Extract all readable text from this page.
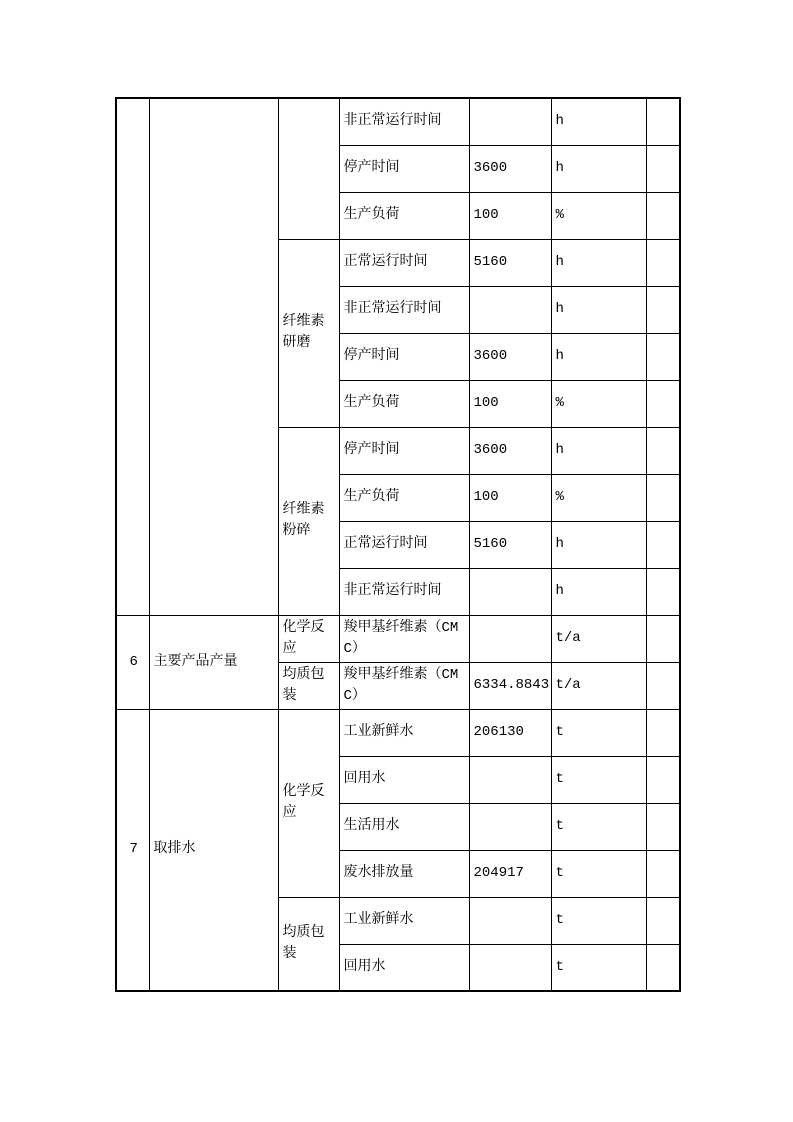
			非正常运行时间		h	
			停产时间	3600	h	
			生产负荷	100	%	
		纤维素研磨	正常运行时间	5160	h	
			非正常运行时间		h	
			停产时间	3600	h	
			生产负荷	100	%	
		纤维素粉碎	停产时间	3600	h	
			生产负荷	100	%	
			正常运行时间	5160	h	
			非正常运行时间		h	
6	主要产品产量	化学反应	羧甲基纤维素（CMC）		t/a	
		均质包装	羧甲基纤维素（CMC）	6334.8843	t/a	
7	取排水	化学反应	工业新鲜水	206130	t	
			回用水		t	
			生活用水		t	
			废水排放量	204917	t	
		均质包装	工业新鲜水		t	
			回用水		t	
